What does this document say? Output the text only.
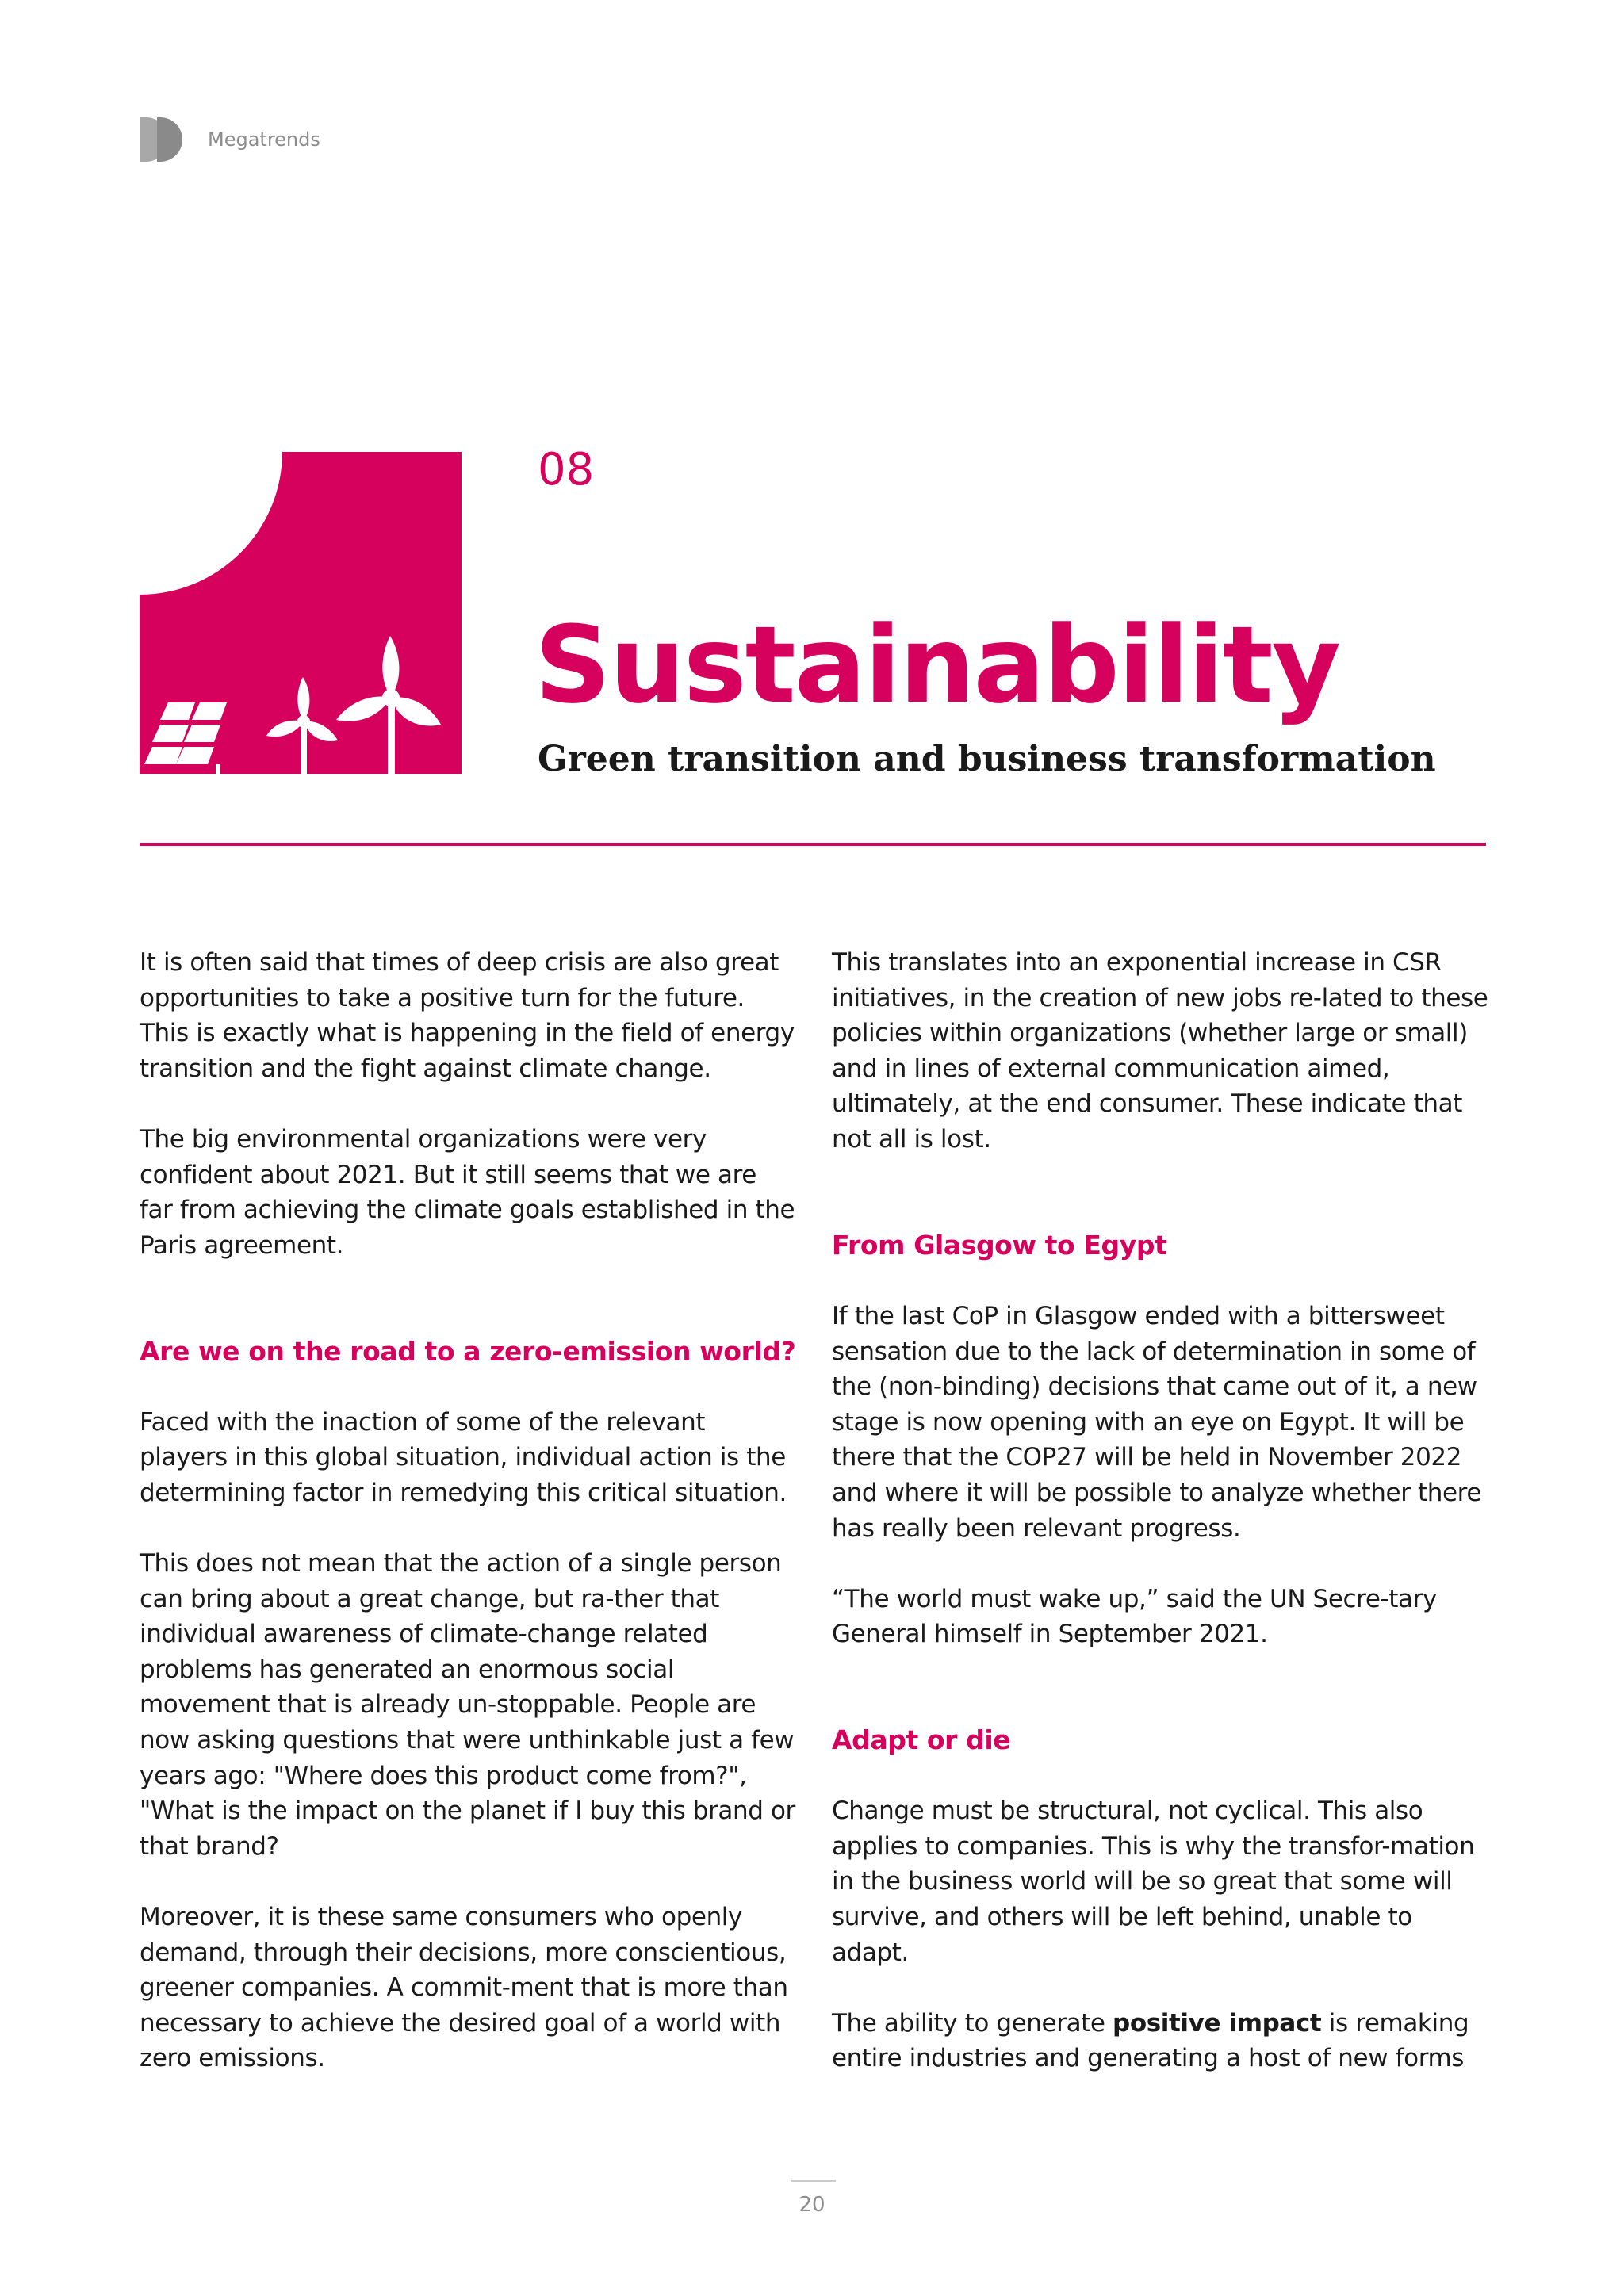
Megatrends
08
Sustainability
Green transition and business transformation

It is often said that times of deep crisis are also great opportunities to take a positive turn for the future. This is exactly what is happening in the field of energy transition and the fight against climate change.

The big environmental organizations were very confident about 2021. But it still seems that we are far from achieving the climate goals established in the Paris agreement.

Are we on the road to a zero-emission world?

Faced with the inaction of some of the relevant players in this global situation, individual action is the determining factor in remedying this critical situation.

This does not mean that the action of a single person can bring about a great change, but ra-ther that individual awareness of climate-change related problems has generated an enormous social movement that is already un-stoppable. People are now asking questions that were unthinkable just a few years ago: "Where does this product come from?", "What is the impact on the planet if I buy this brand or that brand?

Moreover, it is these same consumers who openly demand, through their decisions, more conscientious, greener companies. A commit-ment that is more than necessary to achieve the desired goal of a world with zero emissions.

This translates into an exponential increase in CSR initiatives, in the creation of new jobs re-lated to these policies within organizations (whether large or small) and in lines of external communication aimed, ultimately, at the end consumer. These indicate that not all is lost.

From Glasgow to Egypt

If the last CoP in Glasgow ended with a bittersweet sensation due to the lack of determination in some of the (non-binding) decisions that came out of it, a new stage is now opening with an eye on Egypt. It will be there that the COP27 will be held in November 2022 and where it will be possible to analyze whether there has really been relevant progress.

“The world must wake up,” said the UN Secre-tary General himself in September 2021.

Adapt or die

Change must be structural, not cyclical. This also applies to companies. This is why the transfor-mation in the business world will be so great that some will survive, and others will be left behind, unable to adapt.

The ability to generate positive impact is remaking entire industries and generating a host of new forms

20
